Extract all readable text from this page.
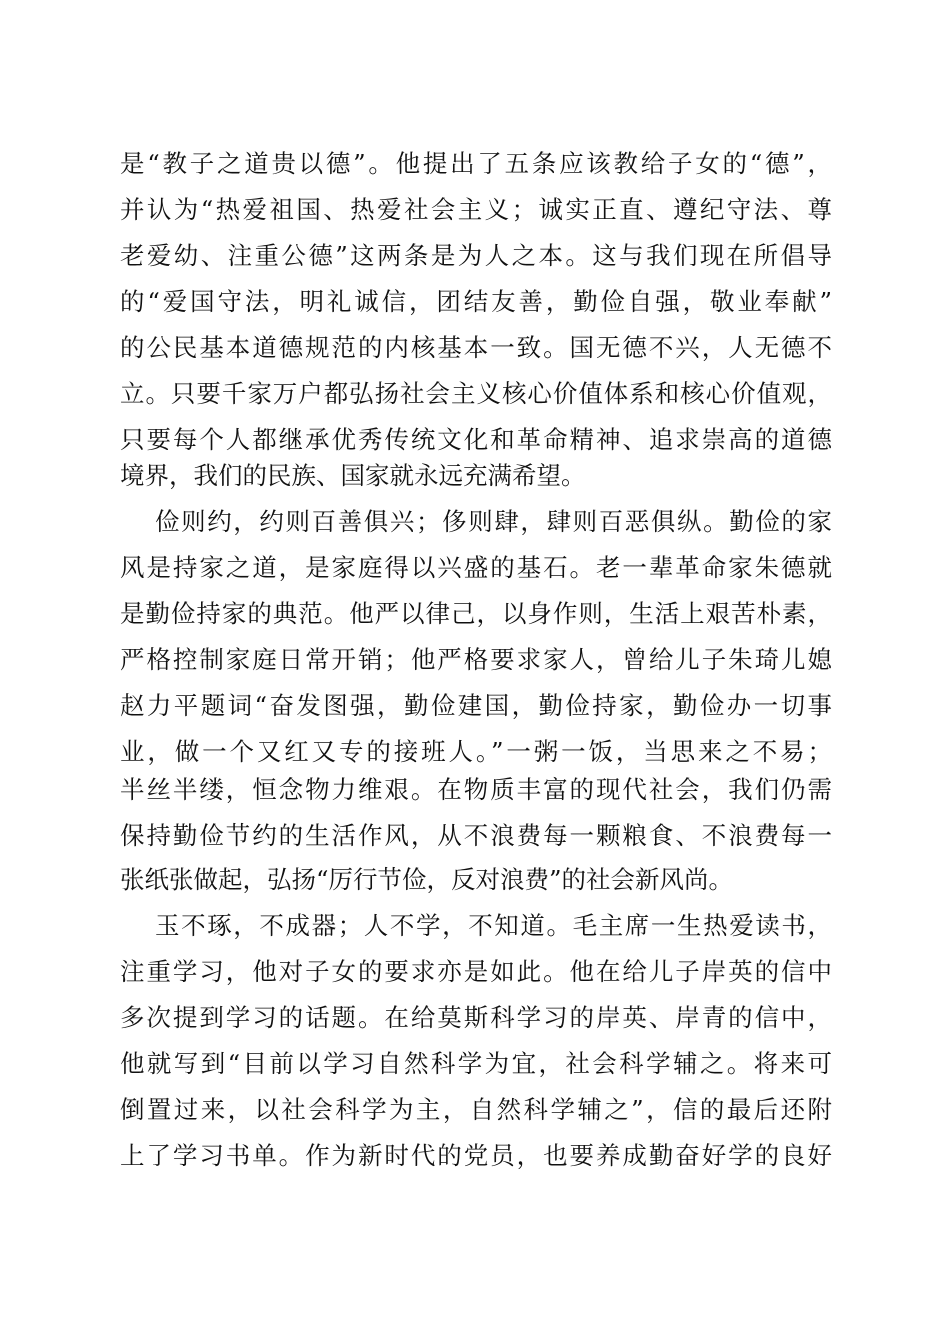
是“教子之道贵以德”。他提出了五条应该教给子女的“德”，
并认为“热爱祖国、热爱社会主义；诚实正直、遵纪守法、尊
老爱幼、注重公德”这两条是为人之本。这与我们现在所倡导
的“爱国守法，明礼诚信，团结友善，勤俭自强，敬业奉献”
的公民基本道德规范的内核基本一致。国无德不兴，人无德不
立。只要千家万户都弘扬社会主义核心价值体系和核心价值观，
只要每个人都继承优秀传统文化和革命精神、追求崇高的道德
境界，我们的民族、国家就永远充满希望。
俭则约，约则百善俱兴；侈则肆，肆则百恶俱纵。勤俭的家
风是持家之道，是家庭得以兴盛的基石。老一辈革命家朱德就
是勤俭持家的典范。他严以律己，以身作则，生活上艰苦朴素，
严格控制家庭日常开销；他严格要求家人，曾给儿子朱琦儿媳
赵力平题词“奋发图强，勤俭建国，勤俭持家，勤俭办一切事
业，做一个又红又专的接班人。”一粥一饭，当思来之不易；
半丝半缕，恒念物力维艰。在物质丰富的现代社会，我们仍需
保持勤俭节约的生活作风，从不浪费每一颗粮食、不浪费每一
张纸张做起，弘扬“厉行节俭，反对浪费”的社会新风尚。
玉不琢，不成器；人不学，不知道。毛主席一生热爱读书，
注重学习，他对子女的要求亦是如此。他在给儿子岸英的信中
多次提到学习的话题。在给莫斯科学习的岸英、岸青的信中，
他就写到“目前以学习自然科学为宜，社会科学辅之。将来可
倒置过来，以社会科学为主，自然科学辅之”，信的最后还附
上了学习书单。作为新时代的党员，也要养成勤奋好学的良好
